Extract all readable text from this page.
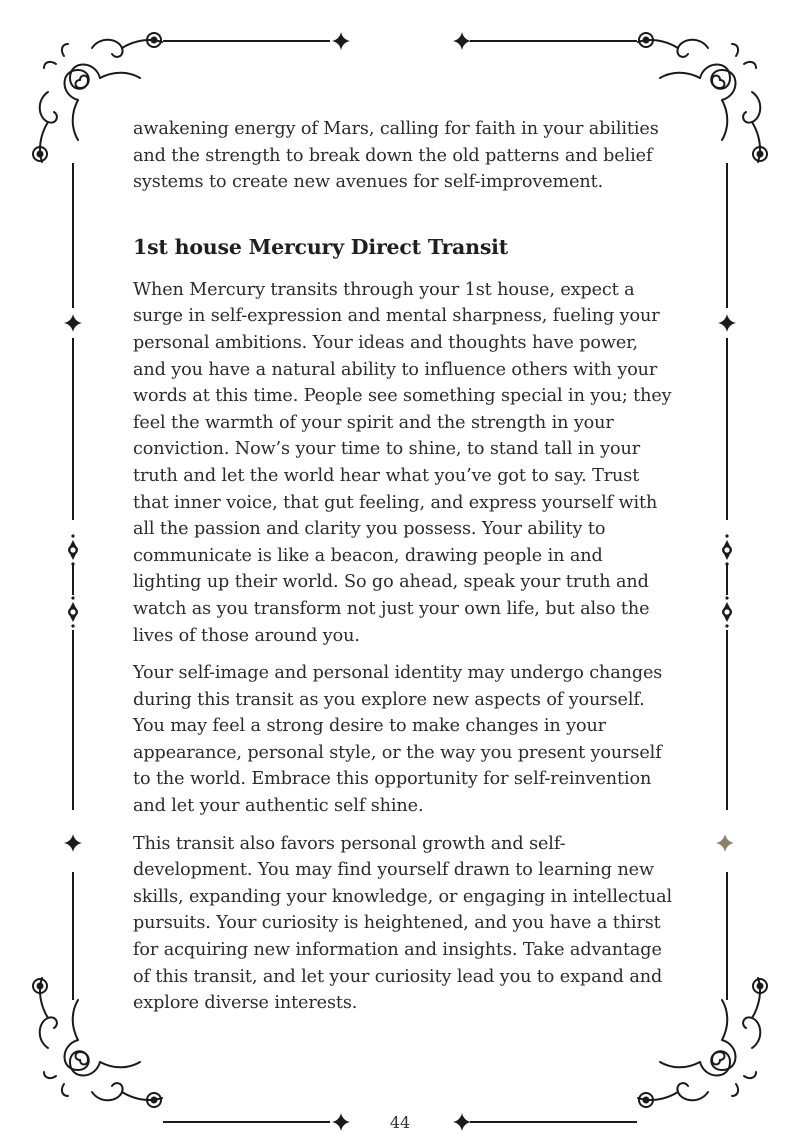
awakening energy of Mars, calling for faith in your abilities and the strength to break down the old patterns and belief systems to create new avenues for self-improvement.

1st house Mercury Direct Transit

When Mercury transits through your 1st house, expect a surge in self-expression and mental sharpness, fueling your personal ambitions. Your ideas and thoughts have power, and you have a natural ability to influence others with your words at this time. People see something special in you; they feel the warmth of your spirit and the strength in your conviction. Now’s your time to shine, to stand tall in your truth and let the world hear what you’ve got to say. Trust that inner voice, that gut feeling, and express yourself with all the passion and clarity you possess. Your ability to communicate is like a beacon, drawing people in and lighting up their world. So go ahead, speak your truth and watch as you transform not just your own life, but also the lives of those around you.

Your self-image and personal identity may undergo changes during this transit as you explore new aspects of yourself. You may feel a strong desire to make changes in your appearance, personal style, or the way you present yourself to the world. Embrace this opportunity for self-reinvention and let your authentic self shine.

This transit also favors personal growth and self-development. You may find yourself drawn to learning new skills, expanding your knowledge, or engaging in intellectual pursuits. Your curiosity is heightened, and you have a thirst for acquiring new information and insights. Take advantage of this transit, and let your curiosity lead you to expand and explore diverse interests.

44
